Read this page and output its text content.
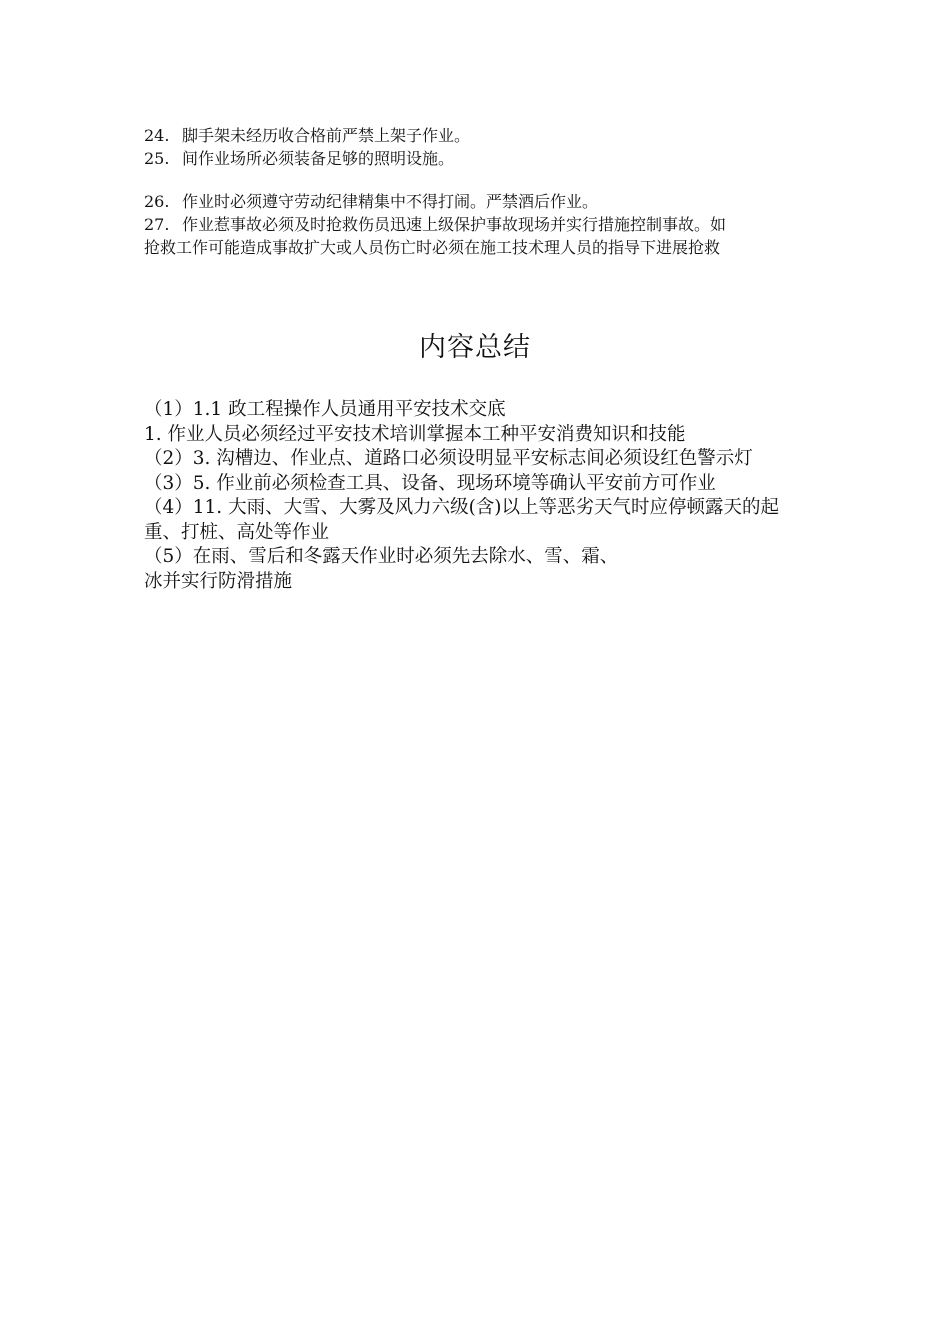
24. 脚手架未经历收合格前严禁上架子作业。

25. 间作业场所必须装备足够的照明设施。

26. 作业时必须遵守劳动纪律精集中不得打闹。严禁酒后作业。

27. 作业惹事故必须及时抢救伤员迅速上级保护事故现场并实行措施控制事故。如

抢救工作可能造成事故扩大或人员伤亡时必须在施工技术理人员的指导下进展抢救

内容总结

（1）1.1 政工程操作人员通用平安技术交底

1. 作业人员必须经过平安技术培训掌握本工种平安消费知识和技能

（2）3. 沟槽边、作业点、道路口必须设明显平安标志间必须设红色警示灯

（3）5. 作业前必须检查工具、设备、现场环境等确认平安前方可作业

（4）11. 大雨、大雪、大雾及风力六级(含)以上等恶劣天气时应停顿露天的起重、打桩、高处等作业

（5）在雨、雪后和冬露天作业时必须先去除水、雪、霜、

冰并实行防滑措施
